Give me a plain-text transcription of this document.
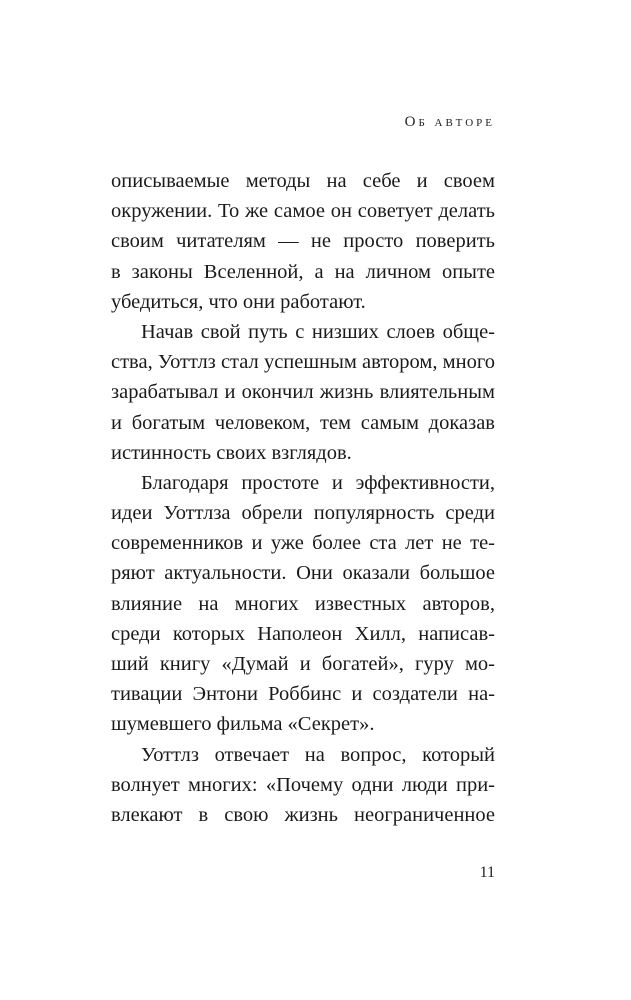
Об авторе
описываемые методы на себе и своем
окружении. То же самое он советует делать
своим читателям — не просто поверить
в законы Вселенной, а на личном опыте
убедиться, что они работают.
Начав свой путь с низших слоев обще-
ства, Уоттлз стал успешным автором, много
зарабатывал и окончил жизнь влиятельным
и богатым человеком, тем самым доказав
истинность своих взглядов.
Благодаря простоте и эффективности,
идеи Уоттлза обрели популярность среди
современников и уже более ста лет не те-
ряют актуальности. Они оказали большое
влияние на многих известных авторов,
среди которых Наполеон Хилл, написав-
ший книгу «Думай и богатей», гуру мо-
тивации Энтони Роббинс и создатели на-
шумевшего фильма «Секрет».
Уоттлз отвечает на вопрос, который
волнует многих: «Почему одни люди при-
влекают в свою жизнь неограниченное
11
